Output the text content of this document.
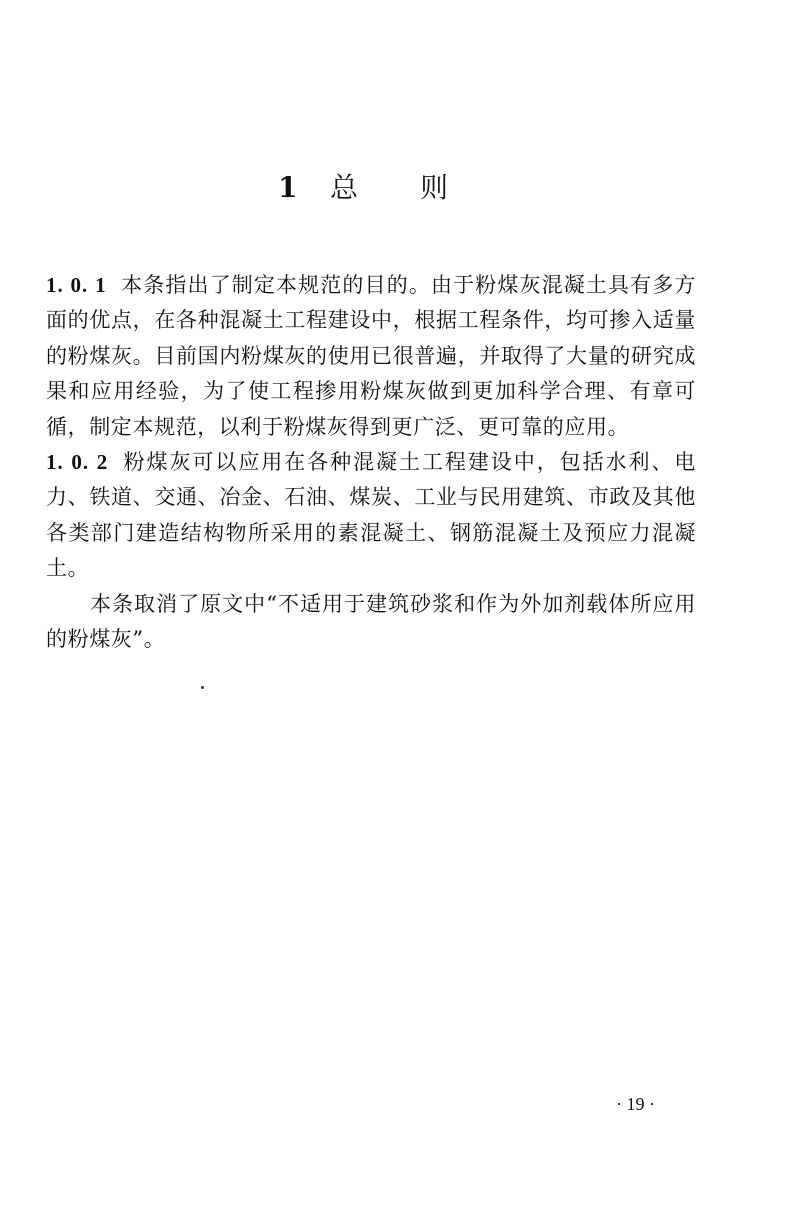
1 总 则

1. 0. 1 本条指出了制定本规范的目的。由于粉煤灰混凝土具有多方面的优点，在各种混凝土工程建设中，根据工程条件，均可掺入适量的粉煤灰。目前国内粉煤灰的使用已很普遍，并取得了大量的研究成果和应用经验，为了使工程掺用粉煤灰做到更加科学合理、有章可循，制定本规范，以利于粉煤灰得到更广泛、更可靠的应用。

1. 0. 2 粉煤灰可以应用在各种混凝土工程建设中，包括水利、电力、铁道、交通、冶金、石油、煤炭、工业与民用建筑、市政及其他各类部门建造结构物所采用的素混凝土、钢筋混凝土及预应力混凝土。

本条取消了原文中“不适用于建筑砂浆和作为外加剂载体所应用的粉煤灰”。

· 19 ·
